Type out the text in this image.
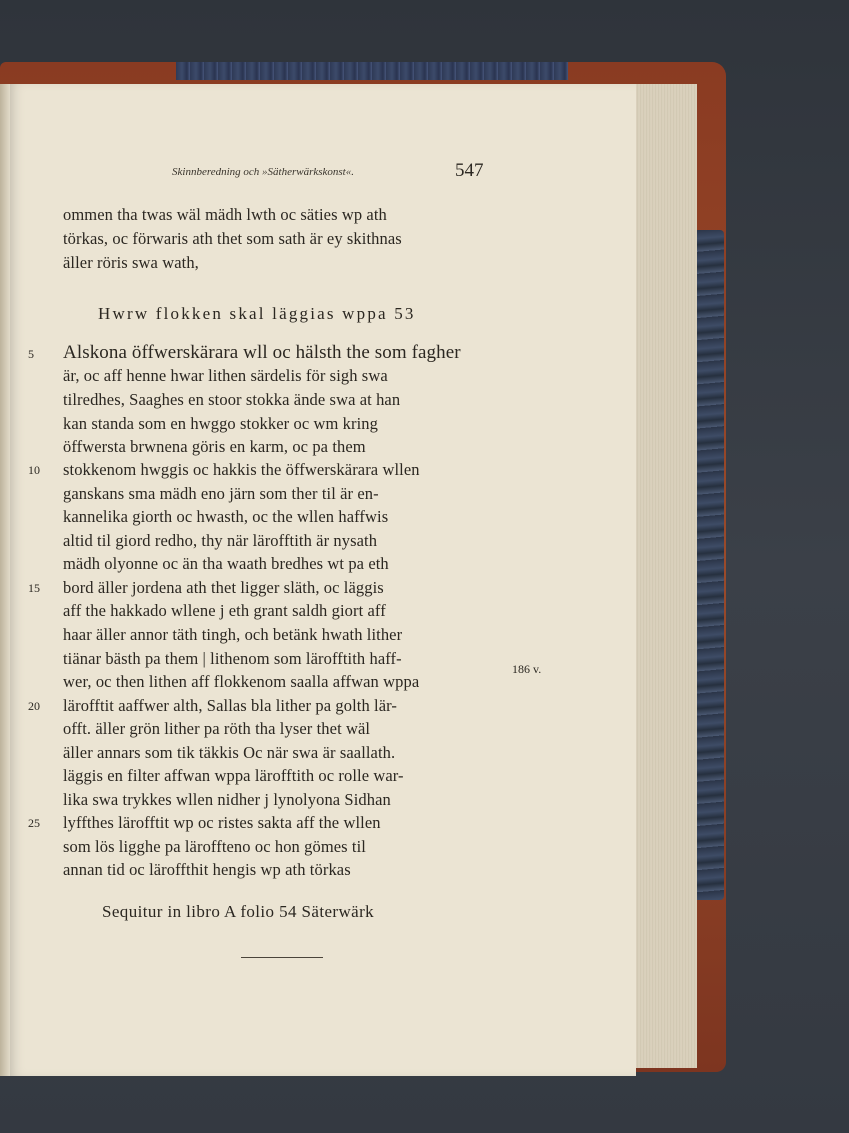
Skinnberedning och »Sätherwärkskonst«.	547
ommen tha twas wäl mädh lwth oc säties wp ath
törkas, oc förwaris ath thet som sath är ey skithnas
äller röris swa wath,
Hwrw flokken skal läggias wppa 53
Alskona öffwerskärara wll oc hälsth the som fagher
är, oc aff henne hwar lithen särdelis för sigh swa
tilredhes, Saaghes en stoor stokka ände swa at han
kan standa som en hwggo stokker oc wm kring
öffwersta brwnena göris en karm, oc pa them
stokkenom hwggis oc hakkis the öffwerskärara wllen
ganskans sma mädh eno järn som ther til är en-
kannelika giorth oc hwasth, oc the wllen haffwis
altid til giord redho, thy när lärofftith är nysath
mädh olyonne oc än tha waath bredhes wt pa eth
bord äller jordena ath thet ligger släth, oc läggis
aff the hakkado wllene j eth grant saldh giort aff
haar äller annor täth tingh, och betänk hwath lither
tiänar bästh pa them | lithenom som lärofftith haff-
wer, oc then lithen aff flokkenom saalla affwan wppa
lärofftit aaffwer alth, Sallas bla lither pa golth lär-
offt. äller grön lither pa röth tha lyser thet wäl
äller annars som tik täkkis Oc när swa är saallath.
läggis en filter affwan wppa lärofftith oc rolle war-
lika swa trykkes wllen nidher j lynolyona Sidhan
lyffthes lärofftit wp oc ristes sakta aff the wllen
som lös ligghe pa läroffteno oc hon gömes til
annan tid oc läroffthit hengis wp ath törkas
5
10
15
20
25
186 v.
Sequitur in libro A folio 54 Säterwärk
